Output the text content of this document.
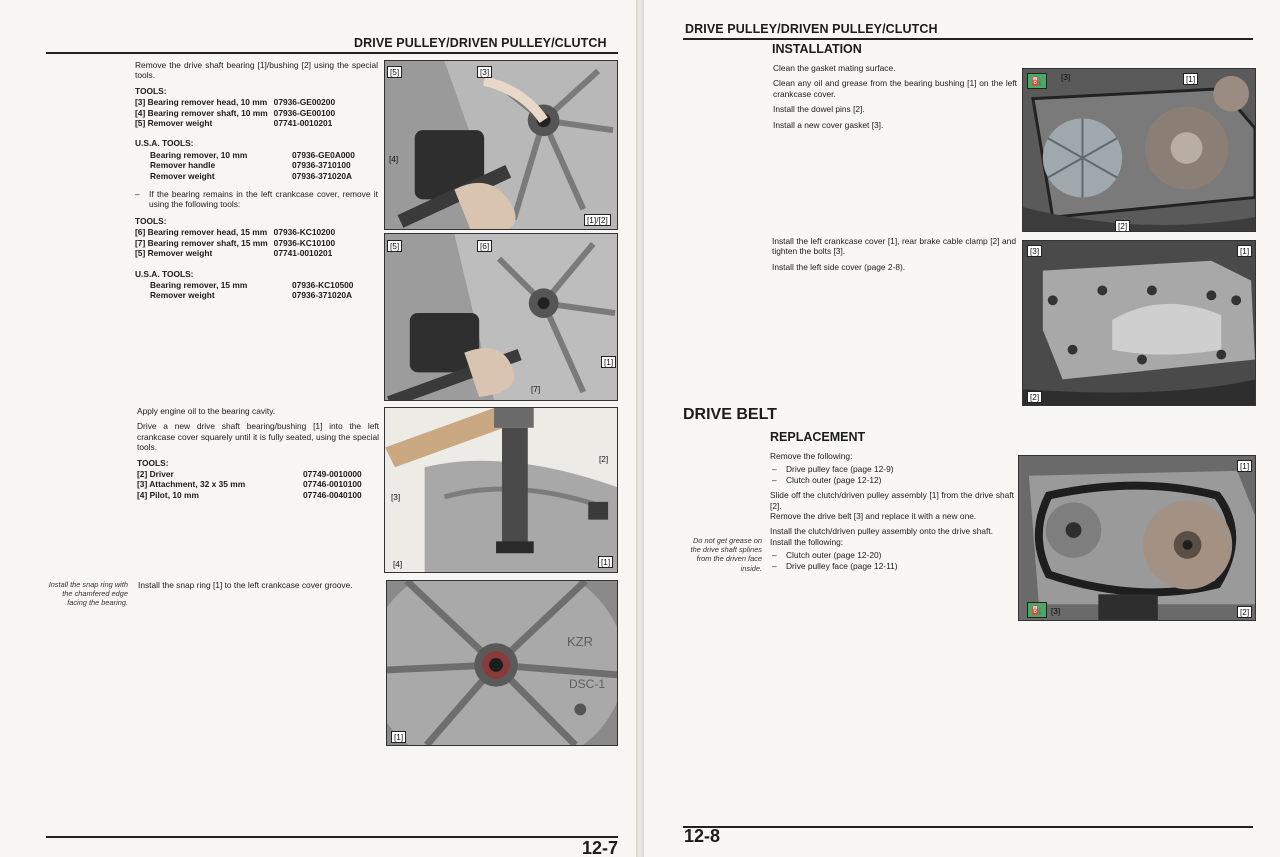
DRIVE PULLEY/DRIVEN PULLEY/CLUTCH

Remove the drive shaft bearing [1]/bushing [2] using the special tools.

TOOLS:
[3] Bearing remover head, 10 mm	07936-GE00200
[4] Bearing remover shaft, 10 mm	07936-GE00100
[5] Remover weight	07741-0010201
U.S.A. TOOLS:
Bearing remover, 10 mm	07936-GE0A000
Remover handle	07936-3710100
Remover weight	07936-371020A
–	If the bearing remains in the left crankcase cover, remove it using the following tools:
TOOLS:
[6] Bearing remover head, 15 mm	07936-KC10200
[7] Bearing remover shaft, 15 mm	07936-KC10100
[5] Remover weight	07741-0010201
U.S.A. TOOLS:
Bearing remover, 15 mm	07936-KC10500
Remover weight	07936-371020A

Apply engine oil to the bearing cavity.

Drive a new drive shaft bearing/bushing [1] into the left crankcase cover squarely until it is fully seated, using the special tools.

TOOLS:
[2] Driver	07749-0010000
[3] Attachment, 32 x 35 mm	07746-0010100
[4] Pilot, 10 mm	07746-0040100
Install the snap ring with the chamfered edge facing the bearing.
Install the snap ring [1] to the left crankcase cover groove.
[5]	[3]
[4]
[1]/[2]
[5]	[6]
[1]
[7]
[2]
[3]
[4]	[1]
[1]
KZR
DSC-1
12-7
DRIVE PULLEY/DRIVEN PULLEY/CLUTCH
INSTALLATION

Clean the gasket mating surface.

Clean any oil and grease from the bearing bushing [1] on the left crankcase cover.

Install the dowel pins [2].

Install a new cover gasket [3].

Install the left crankcase cover [1], rear brake cable clamp [2] and tighten the bolts [3].

Install the left side cover (page 2-8).

[3]	[1]
[2]
⛽
[3]	[1]
[2]
DRIVE BELT
REPLACEMENT

Remove the following:

–	Drive pulley face (page 12-9)
–	Clutch outer (page 12-12)
Slide off the clutch/driven pulley assembly [1] from the drive shaft [2].

Remove the drive belt [3] and replace it with a new one.

Install the clutch/driven pulley assembly onto the drive shaft.

Install the following:

–	Clutch outer (page 12-20)
–	Drive pulley face (page 12-11)
Do not get grease on the drive shaft splines from the driven face inside.
[1]
[3]	[2]
⛽
12-8
